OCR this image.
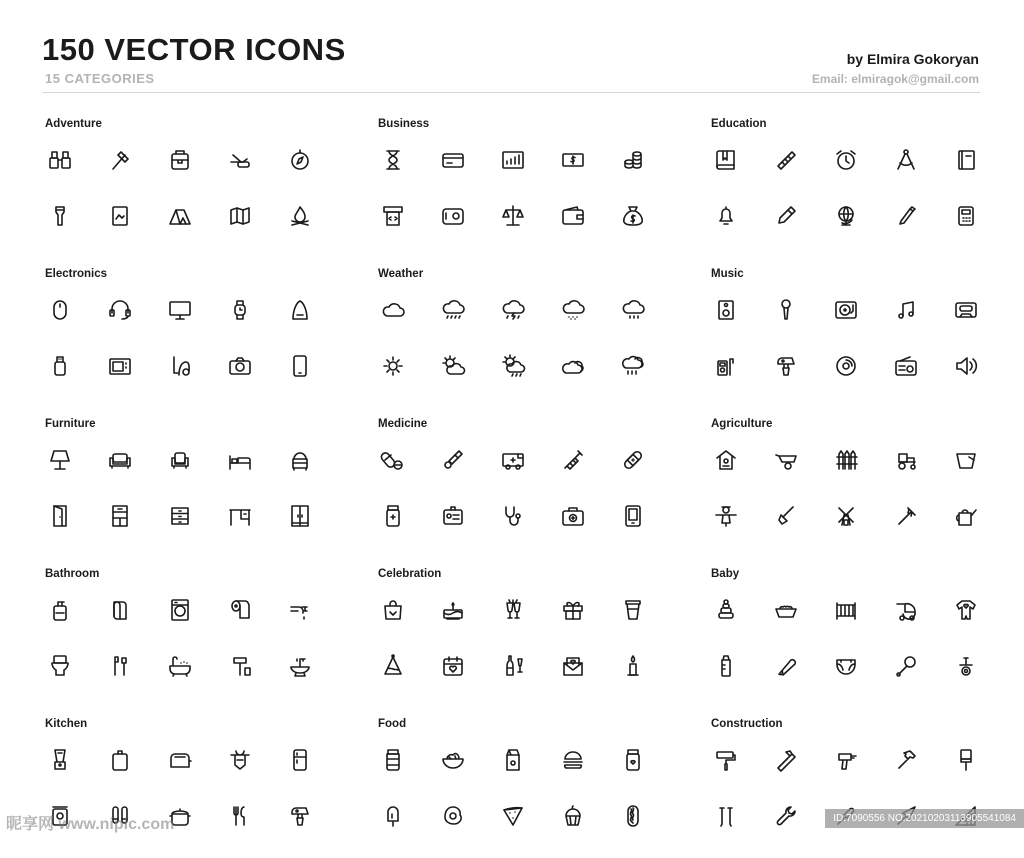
150 VECTOR ICONS
15 CATEGORIES
by Elmira Gokoryan
Email: elmiragok@gmail.com
Adventure	Business	Education
Electronics	Weather	Music
Furniture	Medicine	Agriculture
Bathroom	Celebration	Baby
Kitchen	Food	Construction
昵享网 www.nipic.com	ID:7090556 NO:20210203113905541084
